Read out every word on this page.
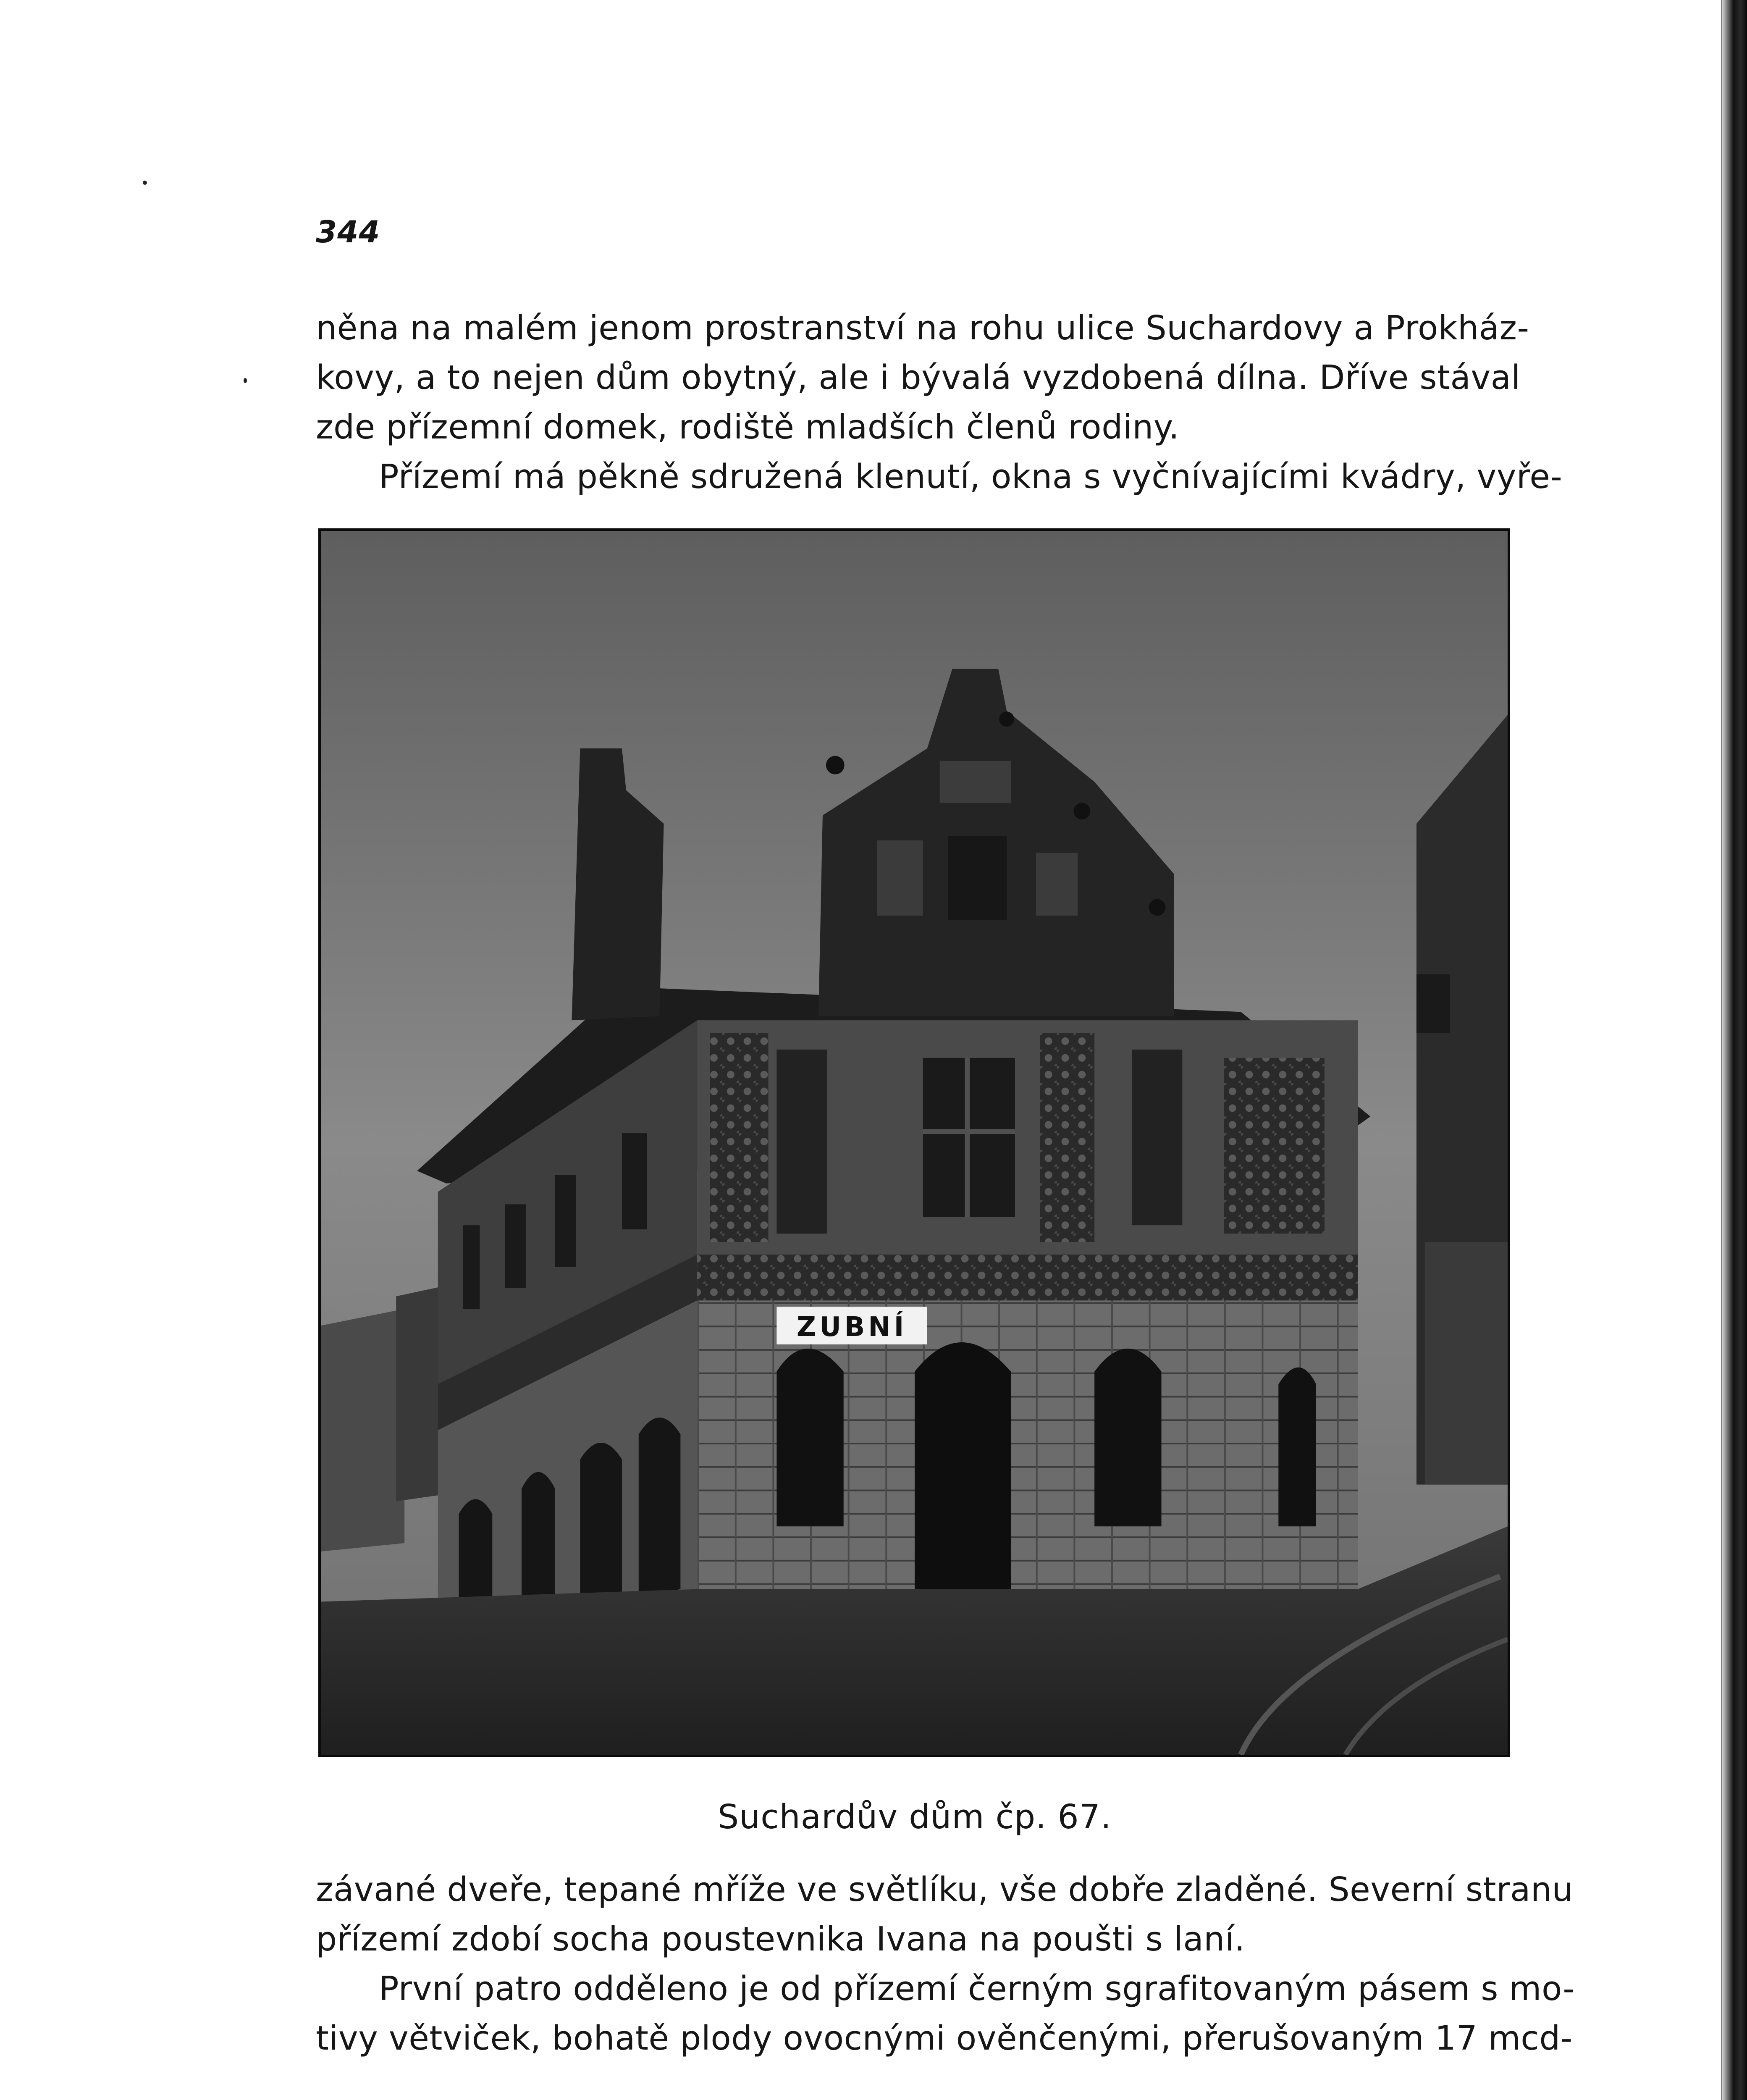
344
něna na malém jenom prostranství na rohu ulice Suchardovy a Prokház-
kovy, a to nejen dům obytný, ale i bývalá vyzdobená dílna. Dříve stával
zde přízemní domek, rodiště mladších členů rodiny.
Přízemí má pěkně sdružená klenutí, okna s vyčnívajícími kvádry, vyře-
ZUBNÍ
Suchardův dům čp. 67.
závané dveře, tepané mříže ve světlíku, vše dobře zladěné. Severní stranu
přízemí zdobí socha poustevnika Ivana na poušti s laní.
První patro odděleno je od přízemí černým sgrafitovaným pásem s mo-
tivy větviček, bohatě plody ovocnými ověnčenými, přerušovaným 17 mcd-
